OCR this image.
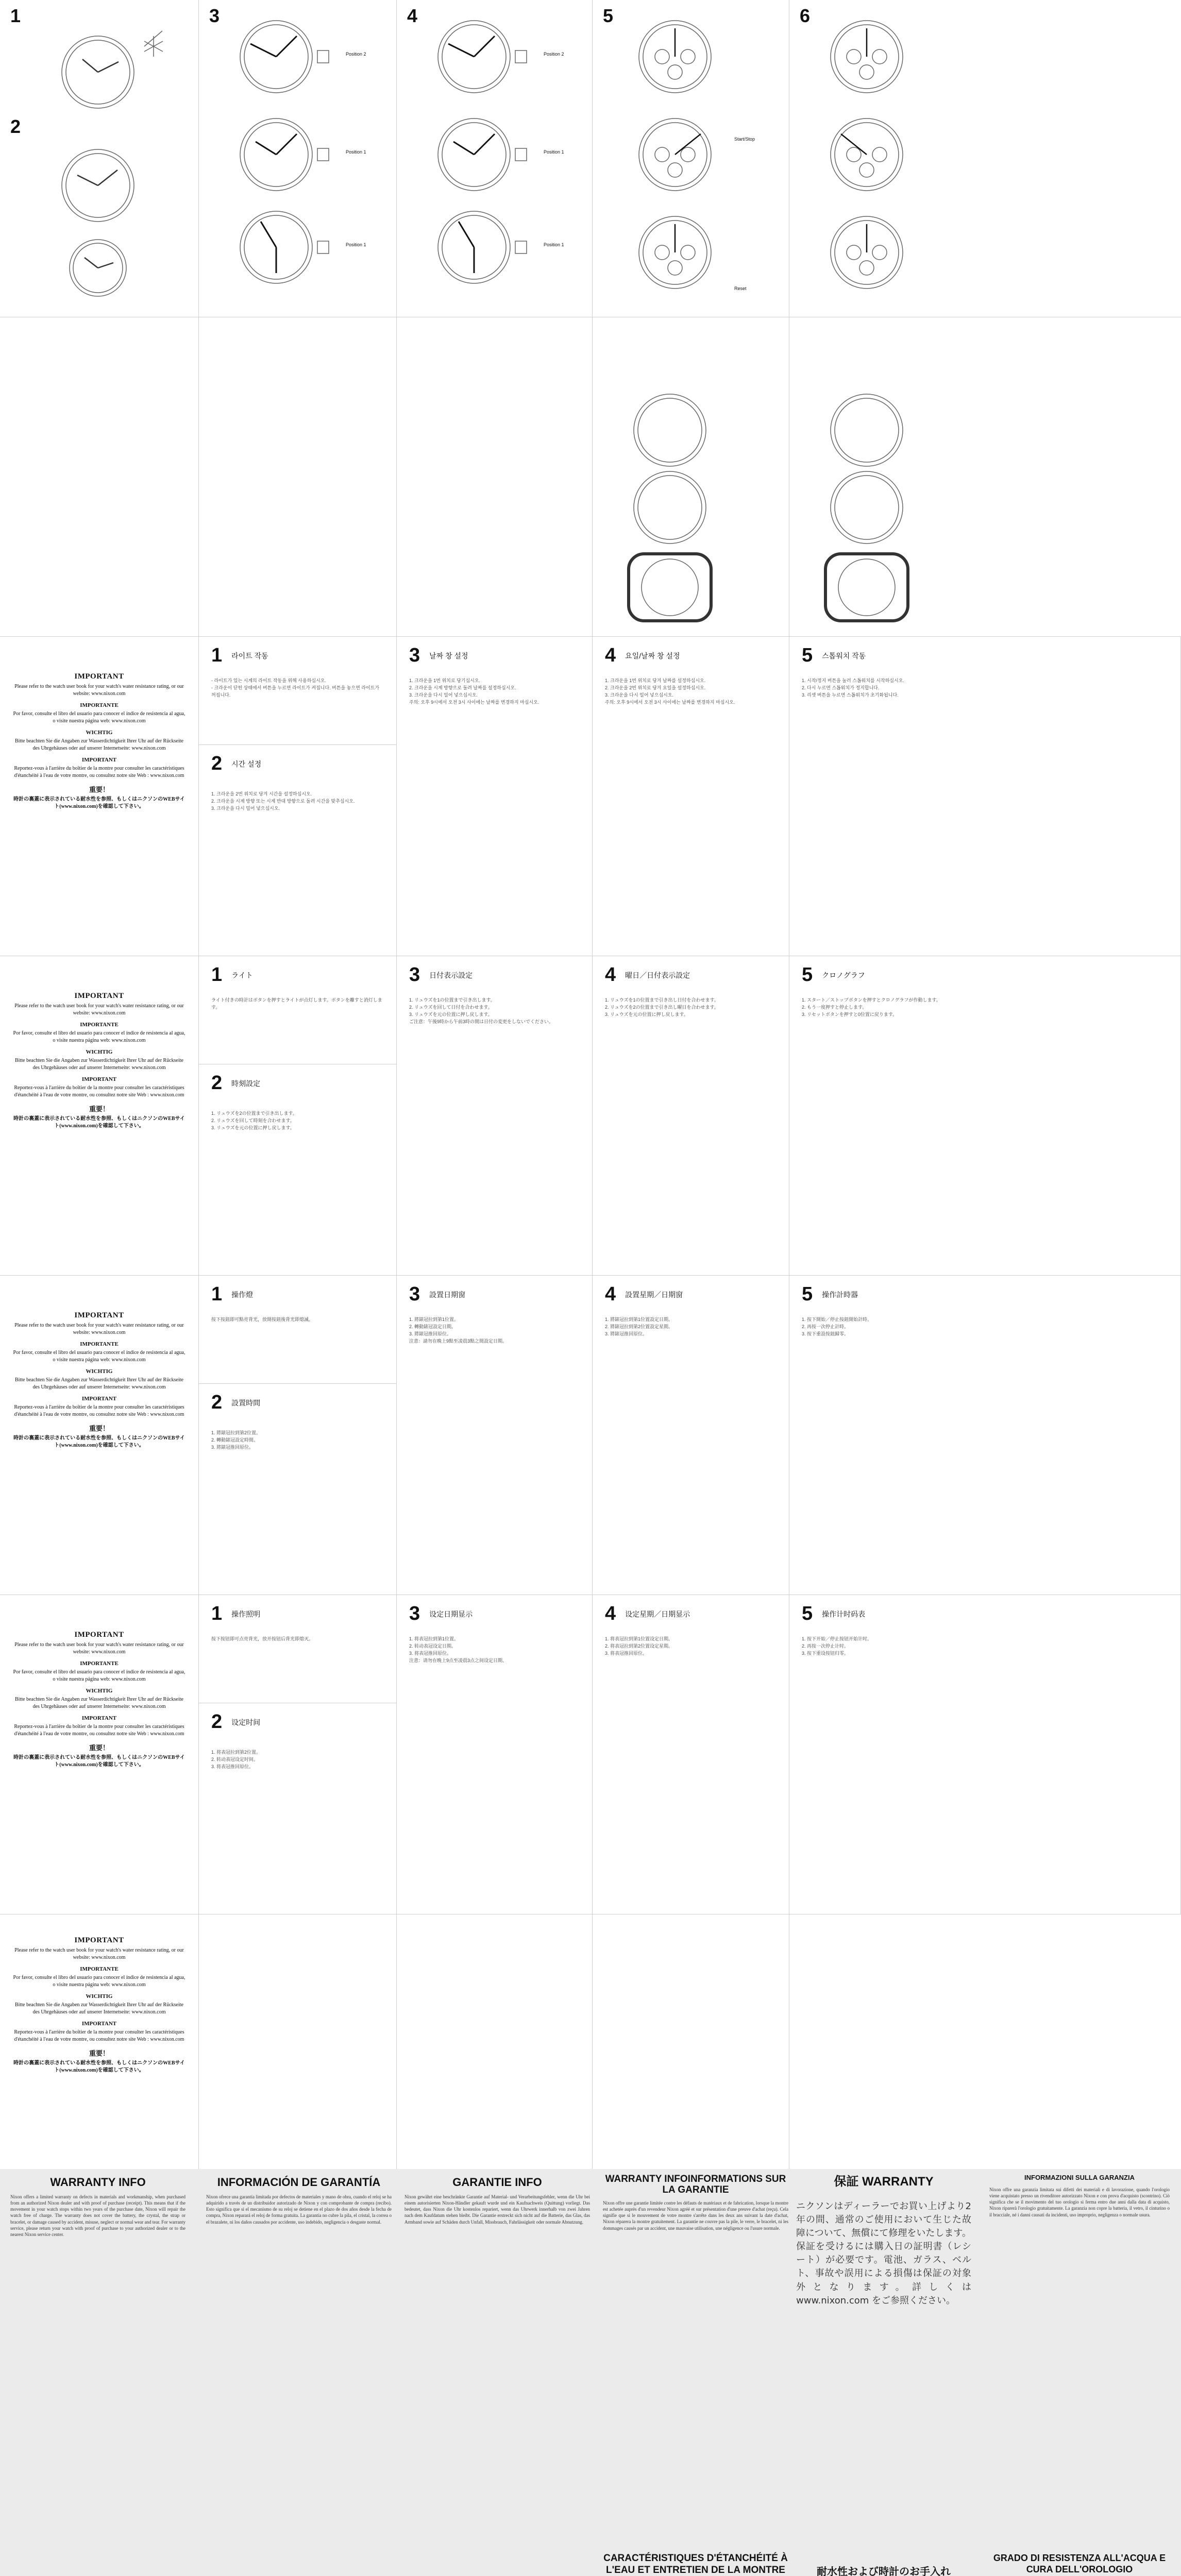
1
2
3
Position 2
Position 1
Position 1
4
Position 2
Position 1
Position 1
5
Start/Stop
Reset
6
IMPORTANT
Please refer to the watch user book for your watch's water resistance rating, or our website: www.nixon.com
IMPORTANTE
Por favor, consulte el libro del usuario para conocer el índice de resistencia al agua, o visite nuestra página web: www.nixon.com
WICHTIG
Bitte beachten Sie die Angaben zur Wasserdichtigkeit Ihrer Uhr auf der Rückseite des Uhrgehäuses oder auf unserer Internetseite: www.nixon.com
IMPORTANT
Reportez-vous à l'arrière du boîtier de la montre pour consulter les caractéristiques d'étanchéité à l'eau de votre montre, ou consultez notre site Web : www.nixon.com
重要！
時計の裏蓋に表示されている耐水性を参照、もしくはニクソンのWEBサイト(www.nixon.com)を確認して下さい。
1 라이트 작동
- 라이트가 있는 시계의 라이트 작동을 위해 사용하십시오.
- 크라운이 닫힌 상태에서 버튼을 누르면 라이트가 켜집니다. 버튼을 놓으면 라이트가 꺼집니다.
2 시간 설정
1. 크라운을 2번 위치로 당겨 시간을 설정하십시오.
2. 크라운을 시계 방향 또는 시계 반대 방향으로 돌려 시간을 맞추십시오.
3. 크라운을 다시 밀어 넣으십시오.
3 날짜 창 설정
1. 크라운을 1번 위치로 당기십시오.
2. 크라운을 시계 방향으로 돌려 날짜를 설정하십시오.
3. 크라운을 다시 밀어 넣으십시오.
주의: 오후 9시에서 오전 3시 사이에는 날짜를 변경하지 마십시오.
4 요일/날짜 창 설정
1. 크라운을 1번 위치로 당겨 날짜를 설정하십시오.
2. 크라운을 2번 위치로 당겨 요일을 설정하십시오.
3. 크라운을 다시 밀어 넣으십시오.
주의: 오후 9시에서 오전 3시 사이에는 날짜를 변경하지 마십시오.
5 스톱워치 작동
1. 시작/정지 버튼을 눌러 스톱워치를 시작하십시오.
2. 다시 누르면 스톱워치가 정지합니다.
3. 리셋 버튼을 누르면 스톱워치가 초기화됩니다.
IMPORTANT
Please refer to the watch user book for your watch's water resistance rating, or our website: www.nixon.com
IMPORTANTE
Por favor, consulte el libro del usuario para conocer el índice de resistencia al agua, o visite nuestra página web: www.nixon.com
WICHTIG
Bitte beachten Sie die Angaben zur Wasserdichtigkeit Ihrer Uhr auf der Rückseite des Uhrgehäuses oder auf unserer Internetseite: www.nixon.com
IMPORTANT
Reportez-vous à l'arrière du boîtier de la montre pour consulter les caractéristiques d'étanchéité à l'eau de votre montre, ou consultez notre site Web : www.nixon.com
重要！
時計の裏蓋に表示されている耐水性を参照、もしくはニクソンのWEBサイト(www.nixon.com)を確認して下さい。
1 ライト
ライト付きの時計はボタンを押すとライトが点灯します。ボタンを離すと消灯します。
2 時刻設定
1. リュウズを2の位置まで引き出します。
2. リュウズを回して時刻を合わせます。
3. リュウズを元の位置に押し戻します。
3 日付表示設定
1. リュウズを1の位置まで引き出します。
2. リュウズを回して日付を合わせます。
3. リュウズを元の位置に押し戻します。
ご注意：午後9時から午前3時の間は日付の変更をしないでください。
4 曜日／日付表示設定
1. リュウズを1の位置まで引き出し日付を合わせます。
2. リュウズを2の位置まで引き出し曜日を合わせます。
3. リュウズを元の位置に押し戻します。
5 クロノグラフ
1. スタート／ストップボタンを押すとクロノグラフが作動します。
2. もう一度押すと停止します。
3. リセットボタンを押すと0位置に戻ります。
IMPORTANT
Please refer to the watch user book for your watch's water resistance rating, or our website: www.nixon.com
IMPORTANTE
Por favor, consulte el libro del usuario para conocer el índice de resistencia al agua, o visite nuestra página web: www.nixon.com
WICHTIG
Bitte beachten Sie die Angaben zur Wasserdichtigkeit Ihrer Uhr auf der Rückseite des Uhrgehäuses oder auf unserer Internetseite: www.nixon.com
IMPORTANT
Reportez-vous à l'arrière du boîtier de la montre pour consulter les caractéristiques d'étanchéité à l'eau de votre montre, ou consultez notre site Web : www.nixon.com
重要！
時計の裏蓋に表示されている耐水性を参照、もしくはニクソンのWEBサイト(www.nixon.com)を確認して下さい。
1 操作燈
按下按鈕即可點亮背光，放開按鈕後背光即熄滅。
2 設置時間
1. 將錶冠拉到第2位置。
2. 轉動錶冠設定時間。
3. 將錶冠推回原位。
3 設置日期窗
1. 將錶冠拉到第1位置。
2. 轉動錶冠設定日期。
3. 將錶冠推回原位。
注意：請勿在晚上9點至凌晨3點之間設定日期。
4 設置星期／日期窗
1. 將錶冠拉到第1位置設定日期。
2. 將錶冠拉到第2位置設定星期。
3. 將錶冠推回原位。
5 操作計時器
1. 按下開始／停止按鈕開始計時。
2. 再按一次停止計時。
3. 按下重設按鈕歸零。
IMPORTANT
Please refer to the watch user book for your watch's water resistance rating, or our website: www.nixon.com
IMPORTANTE
Por favor, consulte el libro del usuario para conocer el índice de resistencia al agua, o visite nuestra página web: www.nixon.com
WICHTIG
Bitte beachten Sie die Angaben zur Wasserdichtigkeit Ihrer Uhr auf der Rückseite des Uhrgehäuses oder auf unserer Internetseite: www.nixon.com
IMPORTANT
Reportez-vous à l'arrière du boîtier de la montre pour consulter les caractéristiques d'étanchéité à l'eau de votre montre, ou consultez notre site Web : www.nixon.com
重要！
時計の裏蓋に表示されている耐水性を参照、もしくはニクソンのWEBサイト(www.nixon.com)を確認して下さい。
1 操作照明
按下按钮即可点亮背光，放开按钮后背光即熄灭。
2 设定时间
1. 将表冠拉到第2位置。
2. 转动表冠设定时间。
3. 将表冠推回原位。
3 设定日期显示
1. 将表冠拉到第1位置。
2. 转动表冠设定日期。
3. 将表冠推回原位。
注意：请勿在晚上9点至凌晨3点之间设定日期。
4 设定星期／日期显示
1. 将表冠拉到第1位置设定日期。
2. 将表冠拉到第2位置设定星期。
3. 将表冠推回原位。
5 操作计时码表
1. 按下开始／停止按钮开始计时。
2. 再按一次停止计时。
3. 按下重设按钮归零。
IMPORTANT
Please refer to the watch user book for your watch's water resistance rating, or our website: www.nixon.com
IMPORTANTE
Por favor, consulte el libro del usuario para conocer el índice de resistencia al agua, o visite nuestra página web: www.nixon.com
WICHTIG
Bitte beachten Sie die Angaben zur Wasserdichtigkeit Ihrer Uhr auf der Rückseite des Uhrgehäuses oder auf unserer Internetseite: www.nixon.com
IMPORTANT
Reportez-vous à l'arrière du boîtier de la montre pour consulter les caractéristiques d'étanchéité à l'eau de votre montre, ou consultez notre site Web : www.nixon.com
重要！
時計の裏蓋に表示されている耐水性を参照、もしくはニクソンのWEBサイト(www.nixon.com)を確認して下さい。
WARRANTY INFO
Nixon offers a limited warranty on defects in materials and workmanship, when purchased from an authorized Nixon dealer and with proof of purchase (receipt). This means that if the movement in your watch stops within two years of the purchase date, Nixon will repair the watch free of charge. The warranty does not cover the battery, the crystal, the strap or bracelet, or damage caused by accident, misuse, neglect or normal wear and tear. For warranty service, please return your watch with proof of purchase to your authorized dealer or to the nearest Nixon service center.
INFORMACIÓN DE GARANTÍA
Nixon ofrece una garantía limitada por defectos de materiales y mano de obra, cuando el reloj se ha adquirido a través de un distribuidor autorizado de Nixon y con comprobante de compra (recibo). Esto significa que si el mecanismo de su reloj se detiene en el plazo de dos años desde la fecha de compra, Nixon reparará el reloj de forma gratuita. La garantía no cubre la pila, el cristal, la correa o el brazalete, ni los daños causados por accidente, uso indebido, negligencia o desgaste normal.
GARANTIE INFO
Nixon gewährt eine beschränkte Garantie auf Material- und Verarbeitungsfehler, wenn die Uhr bei einem autorisierten Nixon-Händler gekauft wurde und ein Kaufnachweis (Quittung) vorliegt. Das bedeutet, dass Nixon die Uhr kostenlos repariert, wenn das Uhrwerk innerhalb von zwei Jahren nach dem Kaufdatum stehen bleibt. Die Garantie erstreckt sich nicht auf die Batterie, das Glas, das Armband sowie auf Schäden durch Unfall, Missbrauch, Fahrlässigkeit oder normale Abnutzung.
WARRANTY INFOINFORMATIONS SUR LA GARANTIE
Nixon offre une garantie limitée contre les défauts de matériaux et de fabrication, lorsque la montre est achetée auprès d'un revendeur Nixon agréé et sur présentation d'une preuve d'achat (reçu). Cela signifie que si le mouvement de votre montre s'arrête dans les deux ans suivant la date d'achat, Nixon réparera la montre gratuitement. La garantie ne couvre pas la pile, le verre, le bracelet, ni les dommages causés par un accident, une mauvaise utilisation, une négligence ou l'usure normale.
保証 WARRANTY
ニクソンはディーラーでお買い上げより2年の間、通常のご使用において生じた故障について、無償にて修理をいたします。保証を受けるには購入日の証明書（レシート）が必要です。電池、ガラス、ベルト、事故や誤用による損傷は保証の対象外となります。詳しくは www.nixon.com をご参照ください。
INFORMAZIONI SULLA GARANZIA
Nixon offre una garanzia limitata sui difetti dei materiali e di lavorazione, quando l'orologio viene acquistato presso un rivenditore autorizzato Nixon e con prova d'acquisto (scontrino). Ciò significa che se il movimento del tuo orologio si ferma entro due anni dalla data di acquisto, Nixon riparerà l'orologio gratuitamente. La garanzia non copre la batteria, il vetro, il cinturino o il bracciale, né i danni causati da incidenti, uso improprio, negligenza o normale usura.
CARACTÉRISTIQUES D'ÉTANCHÉITÉ À L'EAU ET ENTRETIEN DE LA MONTRE	耐水性および時計のお手入れ
GRADO DI RESISTENZA ALL'ACQUA E CURA DELL'OROLOGIO
